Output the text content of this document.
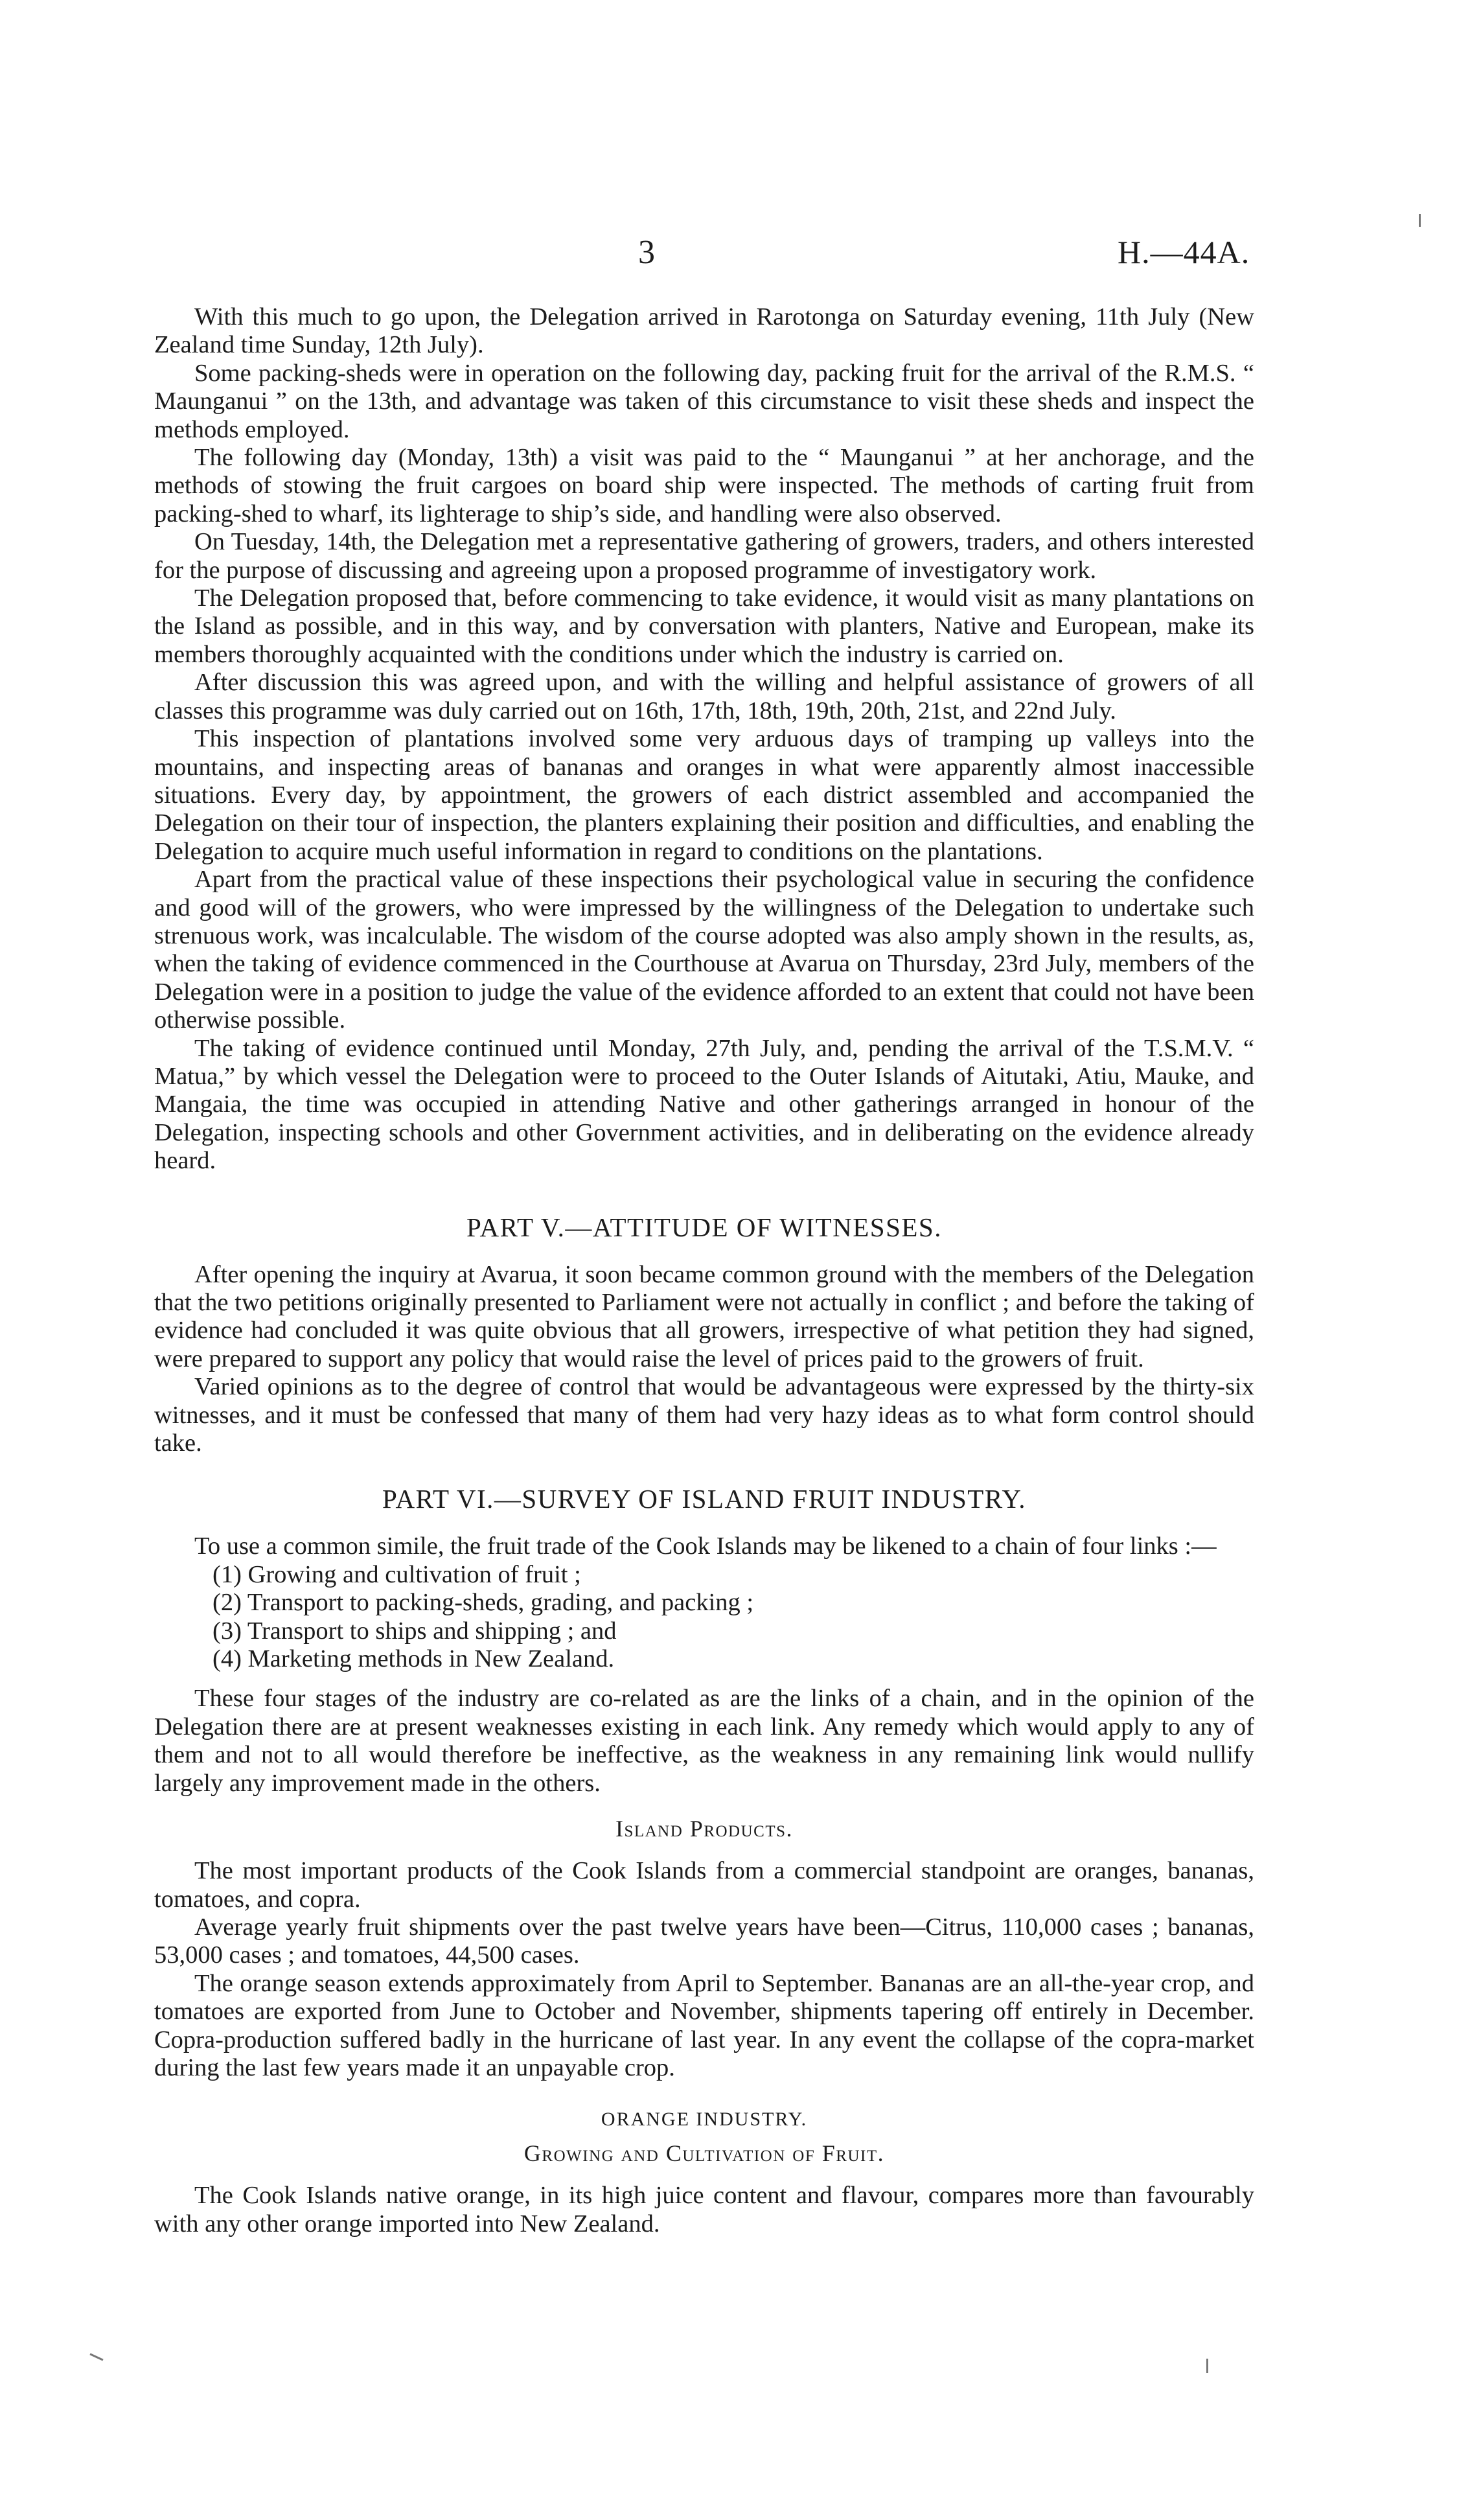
3	H.—44A.

With this much to go upon, the Delegation arrived in Rarotonga on Saturday evening, 11th July (New Zealand time Sunday, 12th July).

Some packing-sheds were in operation on the following day, packing fruit for the arrival of the R.M.S. “ Maunganui ” on the 13th, and advantage was taken of this circumstance to visit these sheds and inspect the methods employed.

The following day (Monday, 13th) a visit was paid to the “ Maunganui ” at her anchorage, and the methods of stowing the fruit cargoes on board ship were inspected. The methods of carting fruit from packing-shed to wharf, its lighterage to ship’s side, and handling were also observed.

On Tuesday, 14th, the Delegation met a representative gathering of growers, traders, and others interested for the purpose of discussing and agreeing upon a proposed programme of investigatory work.

The Delegation proposed that, before commencing to take evidence, it would visit as many plantations on the Island as possible, and in this way, and by conversation with planters, Native and European, make its members thoroughly acquainted with the conditions under which the industry is carried on.

After discussion this was agreed upon, and with the willing and helpful assistance of growers of all classes this programme was duly carried out on 16th, 17th, 18th, 19th, 20th, 21st, and 22nd July.

This inspection of plantations involved some very arduous days of tramping up valleys into the mountains, and inspecting areas of bananas and oranges in what were apparently almost inaccessible situations. Every day, by appointment, the growers of each district assembled and accompanied the Delegation on their tour of inspection, the planters explaining their position and difficulties, and enabling the Delegation to acquire much useful information in regard to conditions on the plantations.

Apart from the practical value of these inspections their psychological value in securing the confidence and good will of the growers, who were impressed by the willingness of the Delegation to undertake such strenuous work, was incalculable. The wisdom of the course adopted was also amply shown in the results, as, when the taking of evidence commenced in the Courthouse at Avarua on Thursday, 23rd July, members of the Delegation were in a position to judge the value of the evidence afforded to an extent that could not have been otherwise possible.

The taking of evidence continued until Monday, 27th July, and, pending the arrival of the T.S.M.V. “ Matua,” by which vessel the Delegation were to proceed to the Outer Islands of Aitutaki, Atiu, Mauke, and Mangaia, the time was occupied in attending Native and other gatherings arranged in honour of the Delegation, inspecting schools and other Government activities, and in deliberating on the evidence already heard.

PART V.—ATTITUDE OF WITNESSES.

After opening the inquiry at Avarua, it soon became common ground with the members of the Delegation that the two petitions originally presented to Parliament were not actually in conflict ; and before the taking of evidence had concluded it was quite obvious that all growers, irrespective of what petition they had signed, were prepared to support any policy that would raise the level of prices paid to the growers of fruit.

Varied opinions as to the degree of control that would be advantageous were expressed by the thirty-six witnesses, and it must be confessed that many of them had very hazy ideas as to what form control should take.

PART VI.—SURVEY OF ISLAND FRUIT INDUSTRY.

To use a common simile, the fruit trade of the Cook Islands may be likened to a chain of four links :—

(1) Growing and cultivation of fruit ;
(2) Transport to packing-sheds, grading, and packing ;
(3) Transport to ships and shipping ; and
(4) Marketing methods in New Zealand.

These four stages of the industry are co-related as are the links of a chain, and in the opinion of the Delegation there are at present weaknesses existing in each link. Any remedy which would apply to any of them and not to all would therefore be ineffective, as the weakness in any remaining link would nullify largely any improvement made in the others.

Island Products.

The most important products of the Cook Islands from a commercial standpoint are oranges, bananas, tomatoes, and copra.

Average yearly fruit shipments over the past twelve years have been—Citrus, 110,000 cases ; bananas, 53,000 cases ; and tomatoes, 44,500 cases.

The orange season extends approximately from April to September. Bananas are an all-the-year crop, and tomatoes are exported from June to October and November, shipments tapering off entirely in December. Copra-production suffered badly in the hurricane of last year. In any event the collapse of the copra-market during the last few years made it an unpayable crop.

ORANGE INDUSTRY.
Growing and Cultivation of Fruit.

The Cook Islands native orange, in its high juice content and flavour, compares more than favourably with any other orange imported into New Zealand.
